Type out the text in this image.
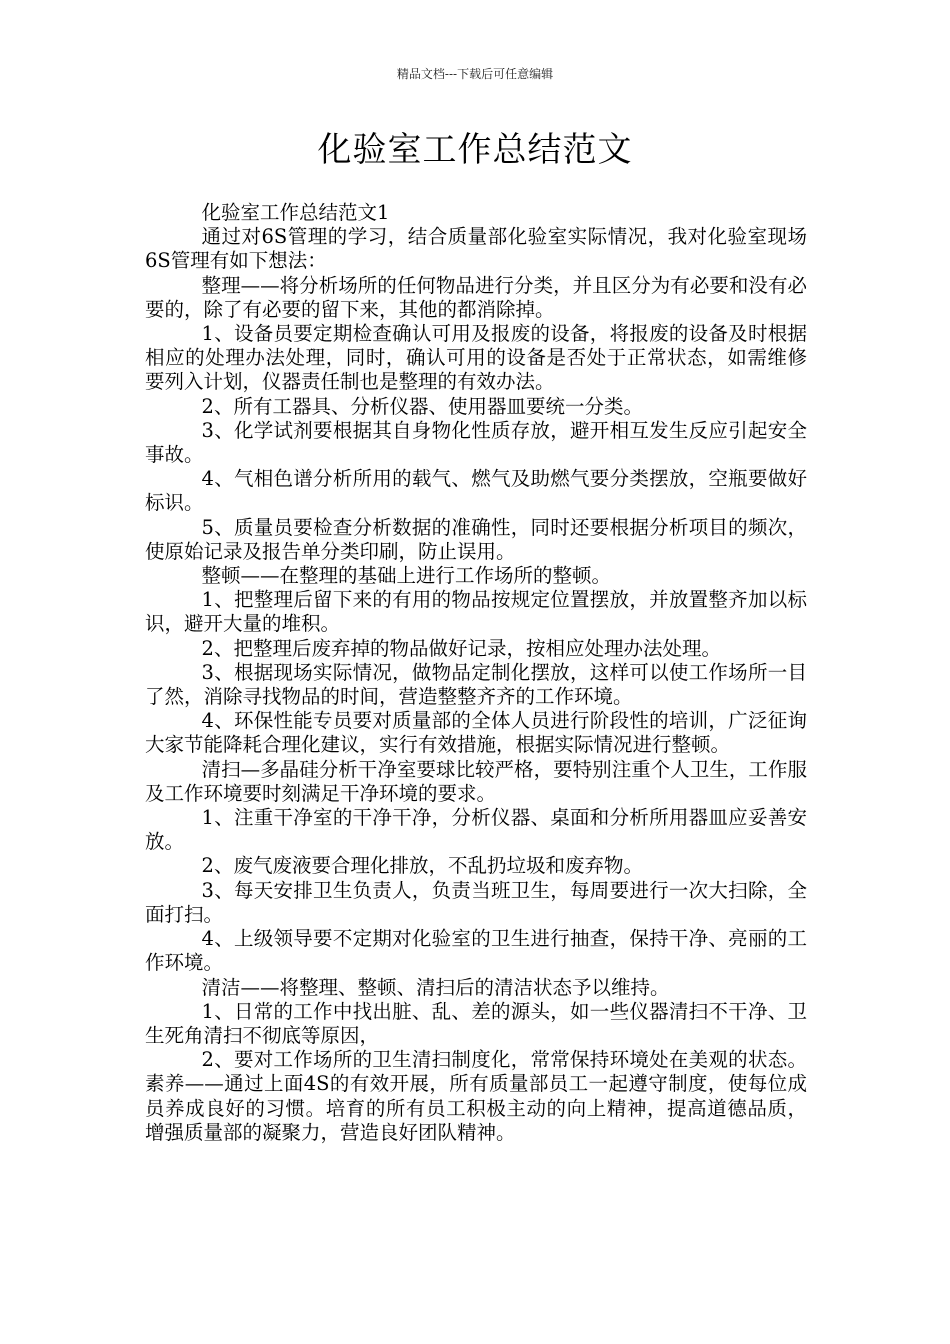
精品文档---下载后可任意编辑
化验室工作总结范文

化验室工作总结范文1

通过对6S管理的学习，结合质量部化验室实际情况，我对化验室现场6S管理有如下想法：

整理——将分析场所的任何物品进行分类，并且区分为有必要和没有必要的，除了有必要的留下来，其他的都消除掉。

1、设备员要定期检查确认可用及报废的设备，将报废的设备及时根据相应的处理办法处理，同时，确认可用的设备是否处于正常状态，如需维修要列入计划，仪器责任制也是整理的有效办法。

2、所有工器具、分析仪器、使用器皿要统一分类。

3、化学试剂要根据其自身物化性质存放，避开相互发生反应引起安全事故。

4、气相色谱分析所用的载气、燃气及助燃气要分类摆放，空瓶要做好标识。

5、质量员要检查分析数据的准确性，同时还要根据分析项目的频次，使原始记录及报告单分类印刷，防止误用。

整顿——在整理的基础上进行工作场所的整顿。

1、把整理后留下来的有用的物品按规定位置摆放，并放置整齐加以标识，避开大量的堆积。

2、把整理后废弃掉的物品做好记录，按相应处理办法处理。

3、根据现场实际情况，做物品定制化摆放，这样可以使工作场所一目了然，消除寻找物品的时间，营造整整齐齐的工作环境。

4、环保性能专员要对质量部的全体人员进行阶段性的培训，广泛征询大家节能降耗合理化建议，实行有效措施，根据实际情况进行整顿。

清扫—多晶硅分析干净室要球比较严格，要特别注重个人卫生，工作服及工作环境要时刻满足干净环境的要求。

1、注重干净室的干净干净，分析仪器、桌面和分析所用器皿应妥善安放。

2、废气废液要合理化排放，不乱扔垃圾和废弃物。

3、每天安排卫生负责人，负责当班卫生，每周要进行一次大扫除，全面打扫。

4、上级领导要不定期对化验室的卫生进行抽查，保持干净、亮丽的工作环境。

清洁——将整理、整顿、清扫后的清洁状态予以维持。

1、日常的工作中找出脏、乱、差的源头，如一些仪器清扫不干净、卫生死角清扫不彻底等原因，

2、要对工作场所的卫生清扫制度化，常常保持环境处在美观的状态。素养——通过上面4S的有效开展，所有质量部员工一起遵守制度，使每位成员养成良好的习惯。培育的所有员工积极主动的向上精神，提高道德品质，增强质量部的凝聚力，营造良好团队精神。
